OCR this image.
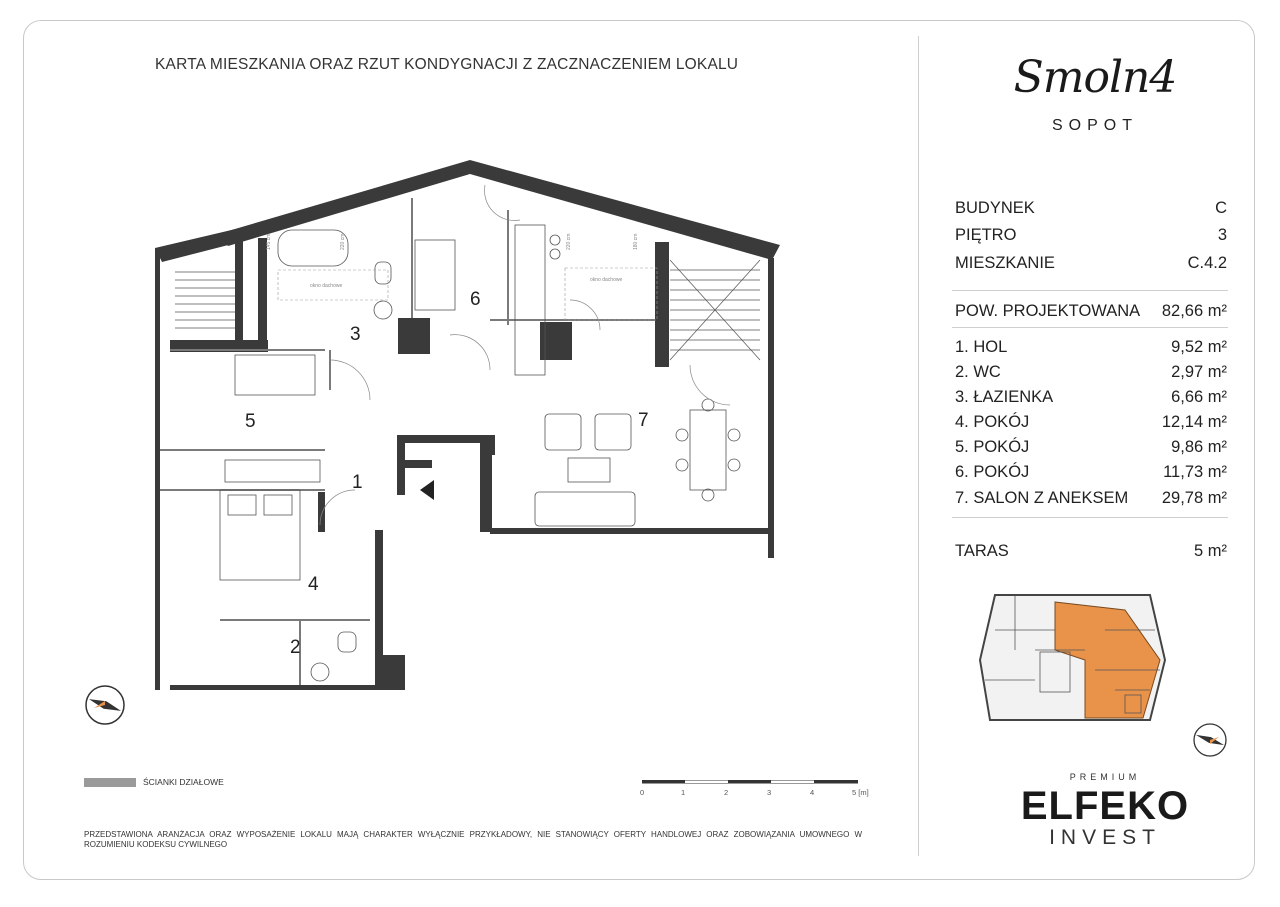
KARTA MIESZKANIA ORAZ RZUT KONDYGNACJI Z ZACZNACZENIEM LOKALU
okno dachowe
okno dachowe
145 cm	220 cm	220 cm	180 cm
1
2
3
4
5
6
7
Smoln4
SOPOT
BUDYNEK	C
PIĘTRO	3
MIESZKANIE	C.4.2
POW. PROJEKTOWANA 82,66 m²
1. HOL	9,52 m²
2. WC	2,97 m²
3. ŁAZIENKA	6,66 m²
4. POKÓJ	12,14 m²
5. POKÓJ	9,86 m²
6. POKÓJ	11,73 m²
7. SALON Z ANEKSEM 29,78 m²
TARAS	5 m²
ŚCIANKI DZIAŁOWE
0	1	2	3	4	5 [m]
PRZEDSTAWIONA ARANŻACJA ORAZ WYPOSAŻENIE LOKALU MAJĄ CHARAKTER WYŁĄCZNIE PRZYKŁADOWY, NIE STANOWIĄCY OFERTY HANDLOWEJ ORAZ ZOBOWIĄZANIA UMOWNEGO W ROZUMIENIU KODEKSU CYWILNEGO
PREMIUM
ELFEKO
INVEST
